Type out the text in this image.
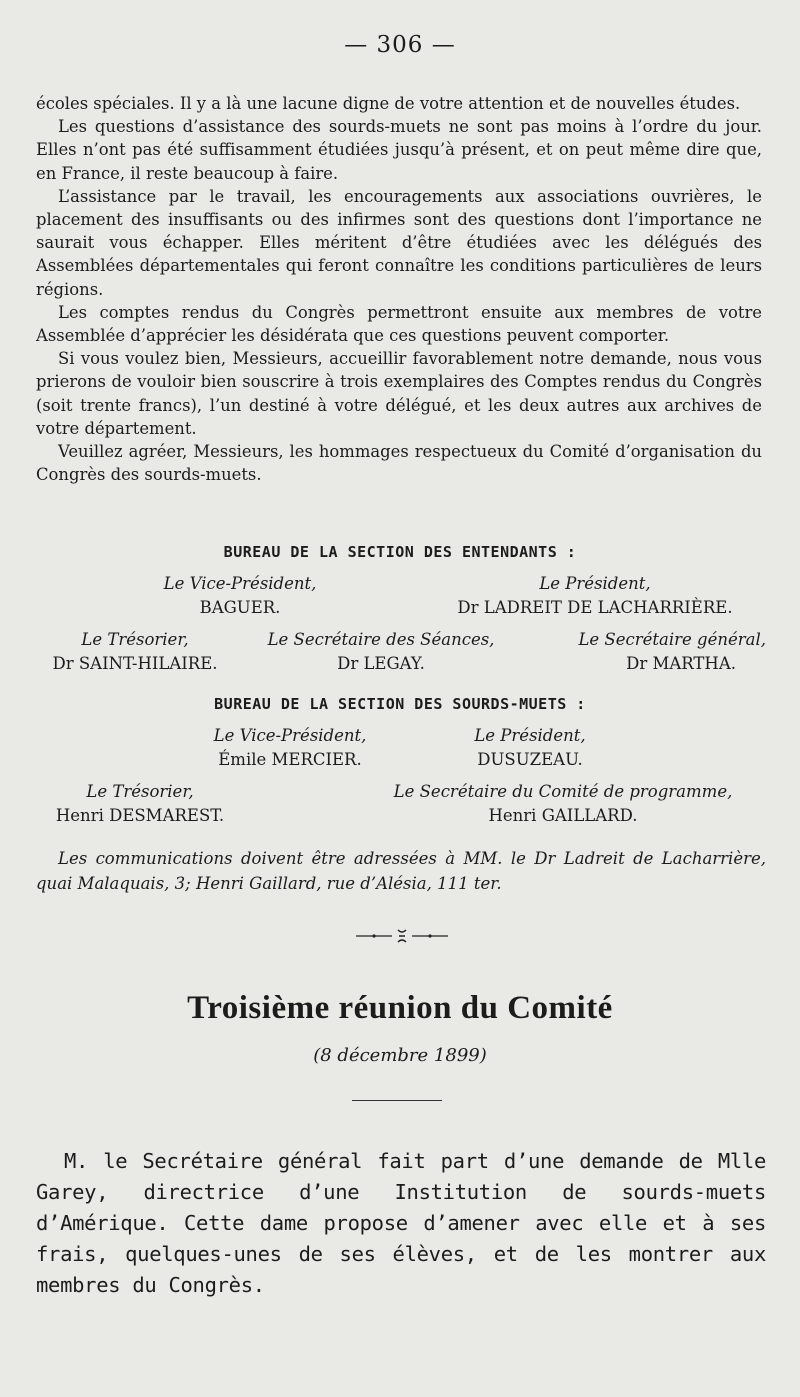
— 306 —

écoles spéciales. Il y a là une lacune digne de votre attention et de nouvelles études.

Les questions d’assistance des sourds-muets ne sont pas moins à l’ordre du jour. Elles n’ont pas été suffisamment étudiées jusqu’à présent, et on peut même dire que, en France, il reste beaucoup à faire.

L’assistance par le travail, les encouragements aux associations ouvrières, le placement des insuffisants ou des infirmes sont des questions dont l’importance ne saurait vous échapper. Elles méritent d’être étudiées avec les délégués des Assemblées départementales qui feront connaître les conditions particulières de leurs régions.

Les comptes rendus du Congrès permettront ensuite aux membres de votre Assemblée d’apprécier les désidérata que ces questions peuvent comporter.

Si vous voulez bien, Messieurs, accueillir favorablement notre demande, nous vous prierons de vouloir bien souscrire à trois exemplaires des Comptes rendus du Congrès (soit trente francs), l’un destiné à votre délégué, et les deux autres aux archives de votre département.

Veuillez agréer, Messieurs, les hommages respectueux du Comité d’organisation du Congrès des sourds-muets.

BUREAU DE LA SECTION DES ENTENDANTS :
Le Vice-Président,
BAGUER.
Le Président,
Dr LADREIT DE LACHARRIÈRE.
Le Trésorier,
Dr SAINT-HILAIRE.
Le Secrétaire des Séances,
Dr LEGAY.
Le Secrétaire général,
Dr MARTHA.
BUREAU DE LA SECTION DES SOURDS-MUETS :
Le Vice-Président,
Émile MERCIER.
Le Président,
DUSUZEAU.
Le Trésorier,
Henri DESMAREST.
Le Secrétaire du Comité de programme,
Henri GAILLARD.
Les communications doivent être adressées à MM. le Dr Ladreit de Lacharrière, quai Malaquais, 3; Henri Gaillard, rue d’Alésia, 111 ter.
Troisième réunion du Comité
(8 décembre 1899)
M. le Secrétaire général fait part d’une demande de Mlle Garey, directrice d’une Institution de sourds-muets d’Amérique. Cette dame propose d’amener avec elle et à ses frais, quelques-unes de ses élèves, et de les montrer aux membres du Congrès.
